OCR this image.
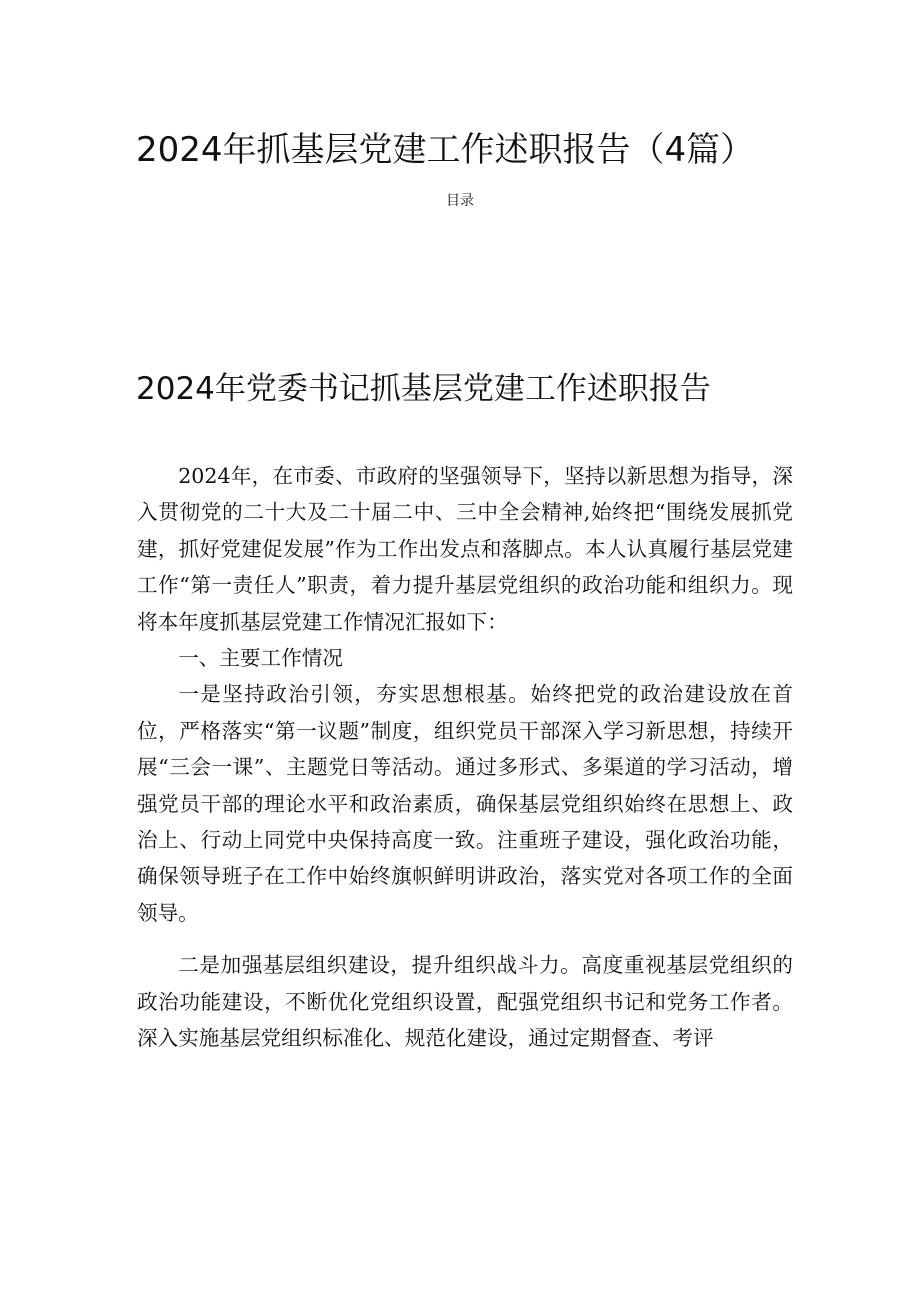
2024年抓基层党建工作述职报告（4篇）
目录
2024年党委书记抓基层党建工作述职报告

2024年，在市委、市政府的坚强领导下，坚持以新思想为指导，深入贯彻党的二十大及二十届二中、三中全会精神,始终把“围绕发展抓党建，抓好党建促发展”作为工作出发点和落脚点。本人认真履行基层党建工作“第一责任人”职责，着力提升基层党组织的政治功能和组织力。现将本年度抓基层党建工作情况汇报如下：

一、主要工作情况

一是坚持政治引领，夯实思想根基。始终把党的政治建设放在首位，严格落实“第一议题”制度，组织党员干部深入学习新思想，持续开展“三会一课”、主题党日等活动。通过多形式、多渠道的学习活动，增强党员干部的理论水平和政治素质，确保基层党组织始终在思想上、政治上、行动上同党中央保持高度一致。注重班子建设，强化政治功能，确保领导班子在工作中始终旗帜鲜明讲政治，落实党对各项工作的全面领导。

二是加强基层组织建设，提升组织战斗力。高度重视基层党组织的政治功能建设，不断优化党组织设置，配强党组织书记和党务工作者。深入实施基层党组织标准化、规范化建设，通过定期督查、考评
